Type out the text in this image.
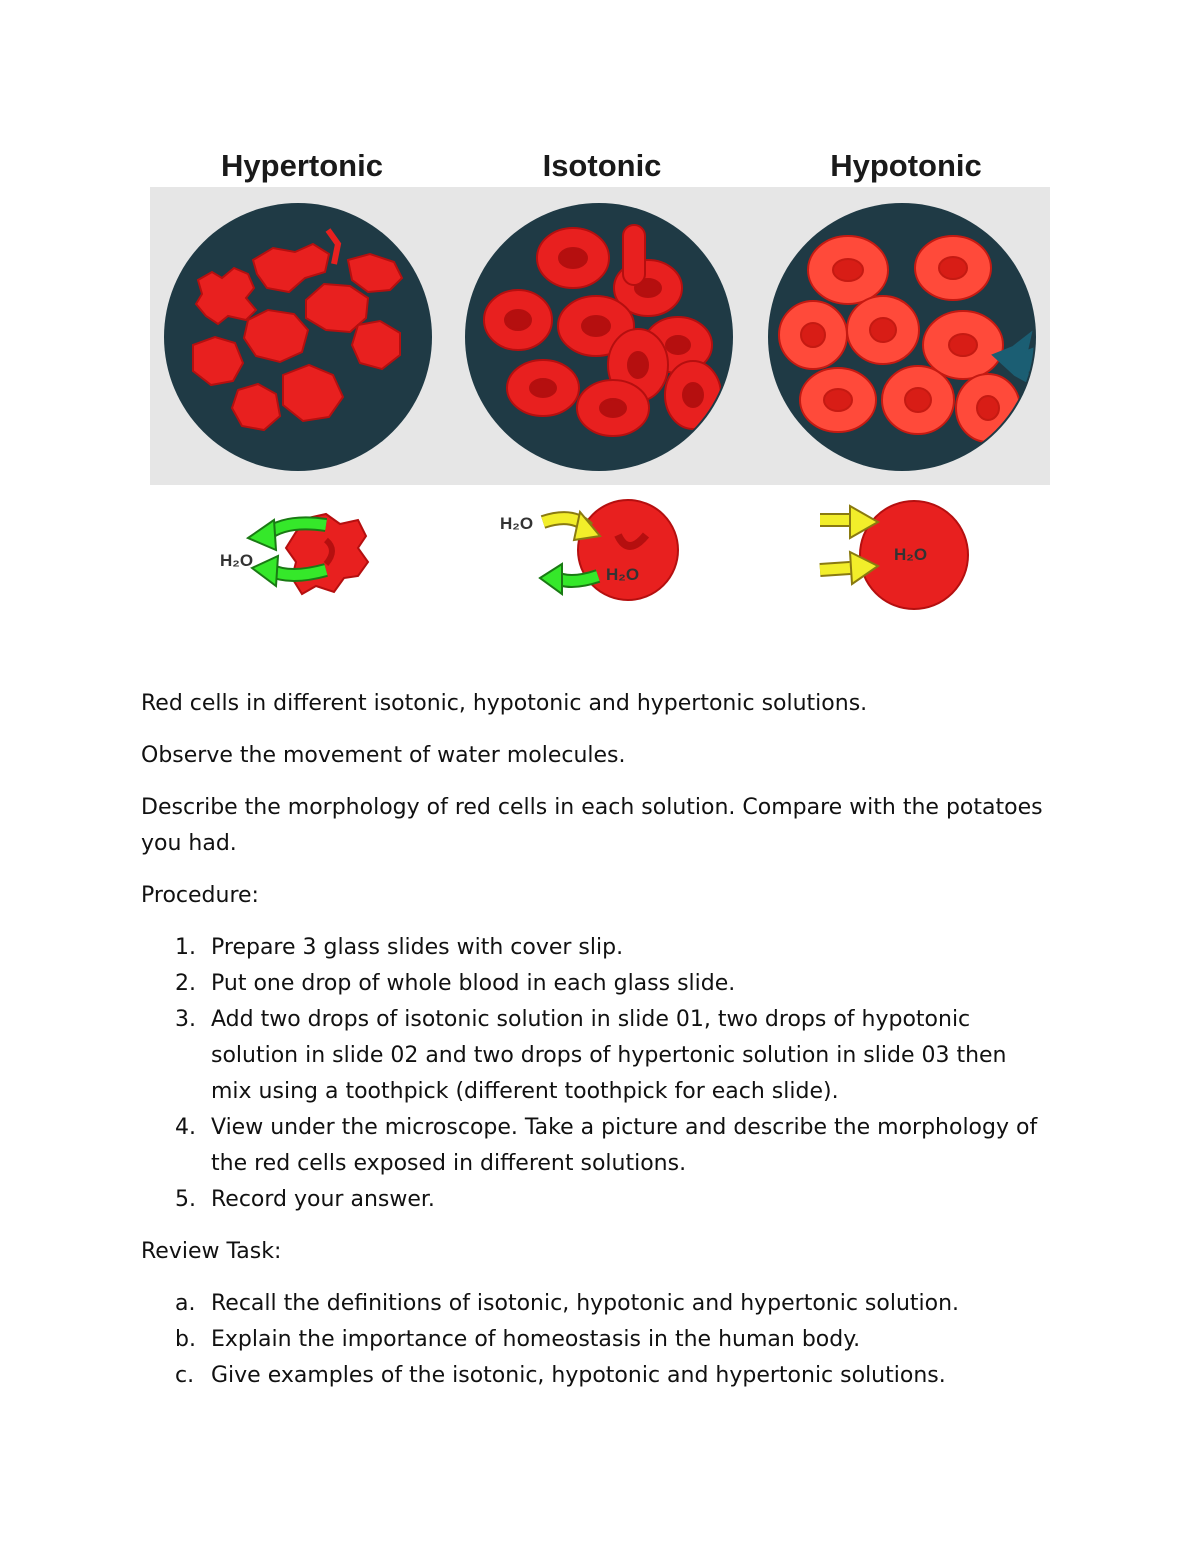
Hypertonic	Isotonic	Hypotonic
H₂O
H₂O
H₂O
H₂O

Red cells in different isotonic, hypotonic and hypertonic solutions.

Observe the movement of water molecules.

Describe the morphology of red cells in each solution. Compare with the potatoes

you had.

Procedure:

1. Prepare 3 glass slides with cover slip.
2. Put one drop of whole blood in each glass slide.
3. Add two drops of isotonic solution in slide 01, two drops of hypotonic
solution in slide 02 and two drops of hypertonic solution in slide 03 then
mix using a toothpick (different toothpick for each slide).
4. View under the microscope. Take a picture and describe the morphology of
the red cells exposed in different solutions.
5. Record your answer.

Review Task:

a. Recall the definitions of isotonic, hypotonic and hypertonic solution.
b. Explain the importance of homeostasis in the human body.
c. Give examples of the isotonic, hypotonic and hypertonic solutions.
